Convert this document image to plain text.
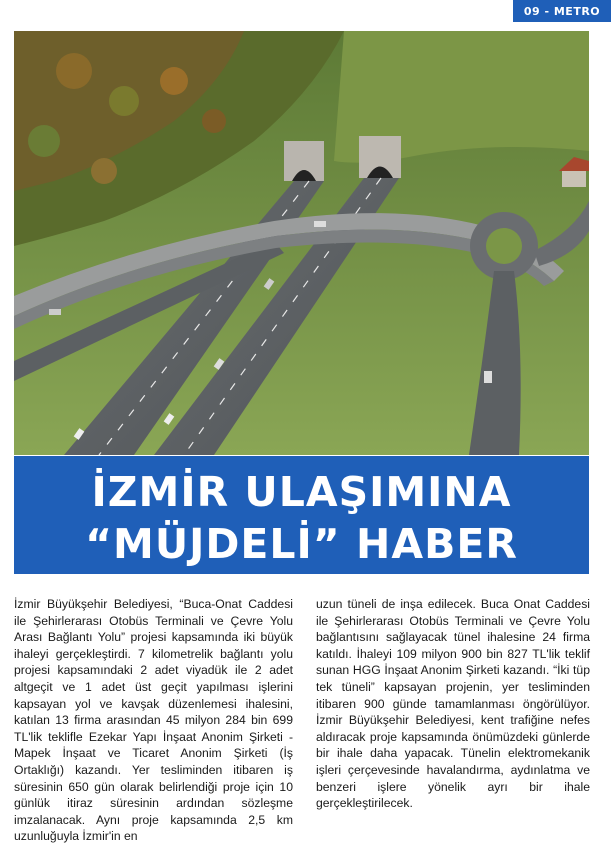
09 - METRO
İZMİR ULAŞIMINA
“MÜJDELİ” HABER
İzmir Büyükşehir Belediyesi, “Buca-Onat Caddesi ile Şehirlerarası Otobüs Terminali ve Çevre Yolu Arası Bağlantı Yolu” projesi kapsamında iki büyük ihaleyi gerçekleştirdi. 7 kilometrelik bağlantı yolu projesi kapsamındaki 2 adet viyadük ile 2 adet altgeçit ve 1 adet üst geçit yapılması işlerini kapsayan yol ve kavşak düzenlemesi ihalesini, katılan 13 firma arasından 45 milyon 284 bin 699 TL'lik teklifle Ezekar Yapı İnşaat Anonim Şirketi - Mapek İnşaat ve Ticaret Anonim Şirketi (İş Ortaklığı) kazandı. Yer tesliminden itibaren iş süresinin 650 gün olarak belirlendiği proje için 10 günlük itiraz süresinin ardından sözleşme imzalanacak. Aynı proje kapsamında 2,5 km uzunluğuyla İzmir'in en
uzun tüneli de inşa edilecek. Buca Onat Caddesi ile Şehirlerarası Otobüs Terminali ve Çevre Yolu bağlantısını sağlayacak tünel ihalesine 24 firma katıldı. İhaleyi 109 milyon 900 bin 827 TL'lik teklif sunan HGG İnşaat Anonim Şirketi kazandı. “İki tüp tek tüneli” kapsayan projenin, yer tesliminden itibaren 900 günde tamamlanması öngörülüyor. İzmir Büyükşehir Belediyesi, kent trafiğine nefes aldıracak proje kapsamında önümüzdeki günlerde bir ihale daha yapacak. Tünelin elektromekanik işleri çerçevesinde havalandırma, aydınlatma ve benzeri işlere yönelik ayrı bir ihale gerçekleştirilecek.
